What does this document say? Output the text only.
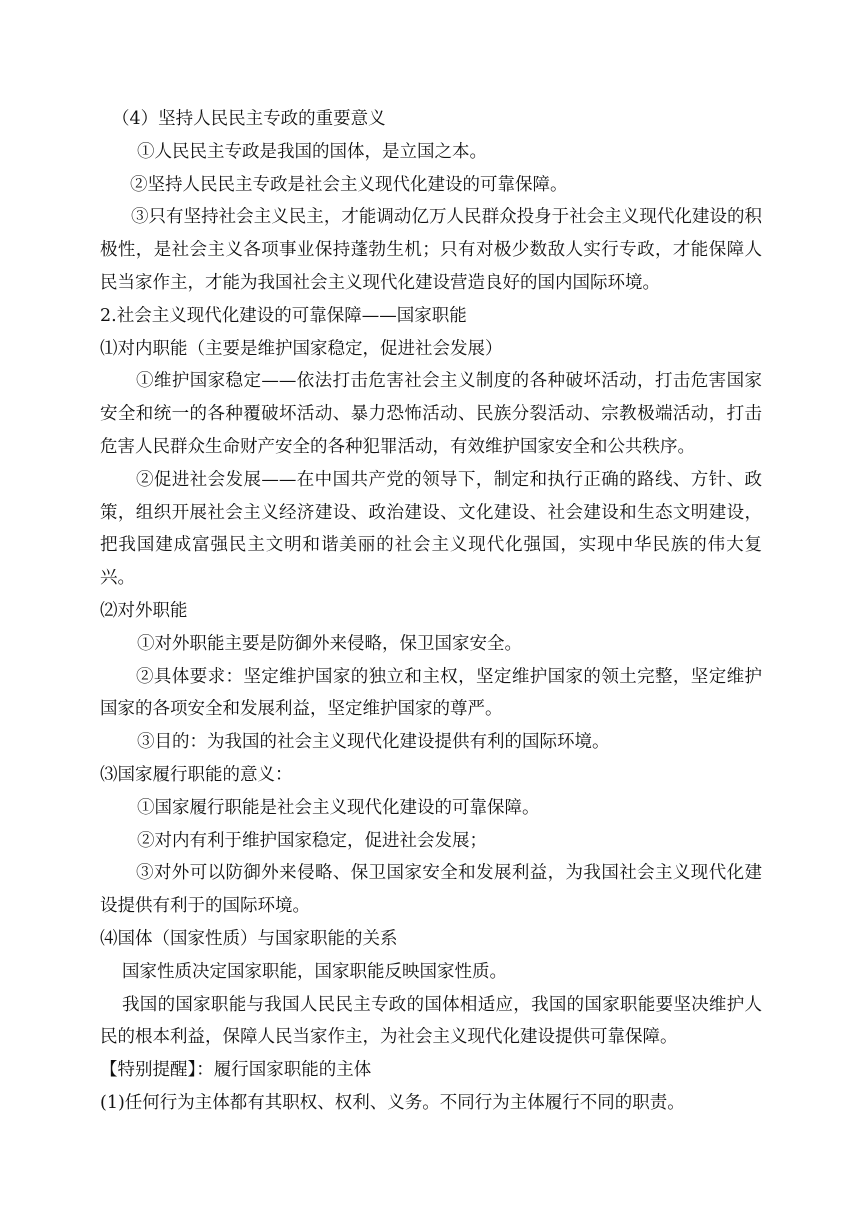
（4）坚持人民民主专政的重要意义
①人民民主专政是我国的国体，是立国之本。
②坚持人民民主专政是社会主义现代化建设的可靠保障。
③只有坚持社会主义民主，才能调动亿万人民群众投身于社会主义现代化建设的积极性，是社会主义各项事业保持蓬勃生机；只有对极少数敌人实行专政，才能保障人民当家作主，才能为我国社会主义现代化建设营造良好的国内国际环境。
2.社会主义现代化建设的可靠保障——国家职能
⑴对内职能（主要是维护国家稳定，促进社会发展）
①维护国家稳定——依法打击危害社会主义制度的各种破坏活动，打击危害国家安全和统一的各种覆破坏活动、暴力恐怖活动、民族分裂活动、宗教极端活动，打击危害人民群众生命财产安全的各种犯罪活动，有效维护国家安全和公共秩序。
②促进社会发展——在中国共产党的领导下，制定和执行正确的路线、方针、政策，组织开展社会主义经济建设、政治建设、文化建设、社会建设和生态文明建设，把我国建成富强民主文明和谐美丽的社会主义现代化强国，实现中华民族的伟大复兴。
⑵对外职能
①对外职能主要是防御外来侵略，保卫国家安全。
②具体要求：坚定维护国家的独立和主权，坚定维护国家的领土完整，坚定维护国家的各项安全和发展利益，坚定维护国家的尊严。
③目的：为我国的社会主义现代化建设提供有利的国际环境。
⑶国家履行职能的意义：
①国家履行职能是社会主义现代化建设的可靠保障。
②对内有利于维护国家稳定，促进社会发展；
③对外可以防御外来侵略、保卫国家安全和发展利益，为我国社会主义现代化建设提供有利于的国际环境。
⑷国体（国家性质）与国家职能的关系
国家性质决定国家职能，国家职能反映国家性质。
我国的国家职能与我国人民民主专政的国体相适应，我国的国家职能要坚决维护人民的根本利益，保障人民当家作主，为社会主义现代化建设提供可靠保障。
【特别提醒】：履行国家职能的主体
(1)任何行为主体都有其职权、权利、义务。不同行为主体履行不同的职责。
